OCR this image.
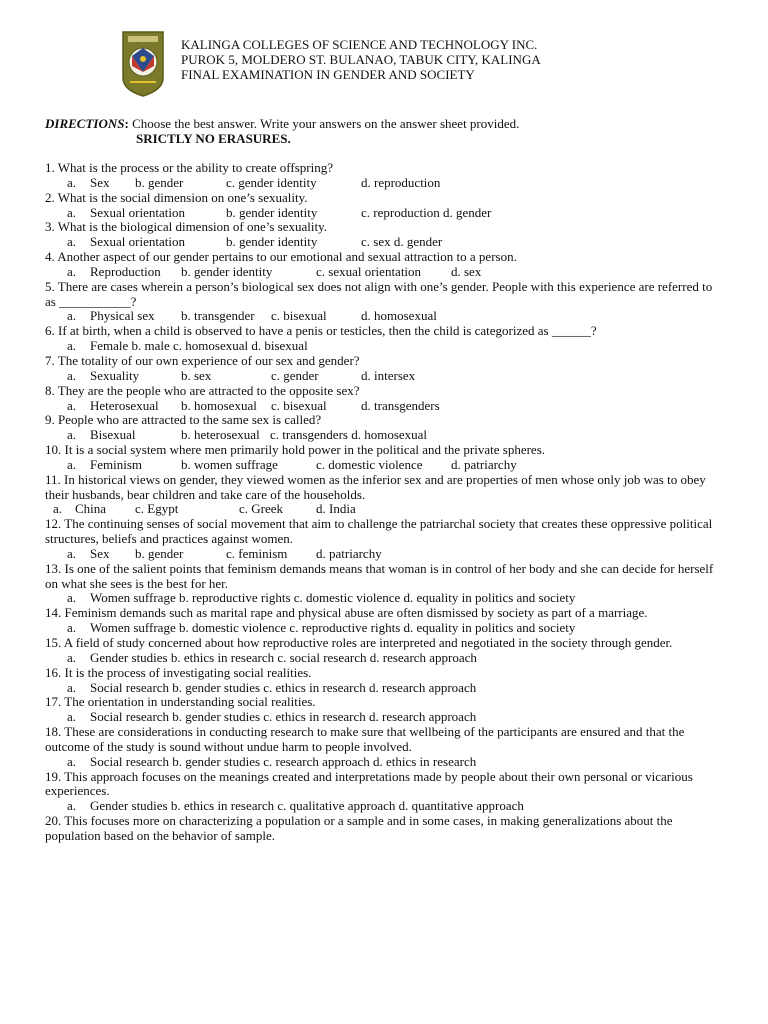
KALINGA COLLEGES OF SCIENCE AND TECHNOLOGY INC.
PUROK 5, MOLDERO ST. BULANAO, TABUK CITY, KALINGA
FINAL EXAMINATION IN GENDER AND SOCIETY
DIRECTIONS: Choose the best answer. Write your answers on the answer sheet provided.
SRICTLY NO ERASURES.
1. What is the process or the ability to create offspring?
a. Sex b. gender	c. gender identity	d. reproduction
2. What is the social dimension on one’s sexuality.
a. Sexual orientation	b. gender identity	c. reproduction d. gender
3. What is the biological dimension of one’s sexuality.
a. Sexual orientation	b. gender identity	c. sex d. gender
4. Another aspect of our gender pertains to our emotional and sexual attraction to a person.
a. Reproduction b. gender identity	c. sexual orientation d. sex
5. There are cases wherein a person’s biological sex does not align with one’s gender. People with this experience are referred to as ___________?
a. Physical sex b. transgender c. bisexual	d. homosexual
6. If at birth, when a child is observed to have a penis or testicles, then the child is categorized as ______?
a. Female b. male c. homosexual d. bisexual
7. The totality of our own experience of our sex and gender?
a. Sexuality	b. sex	c. gender	d. intersex
8. They are the people who are attracted to the opposite sex?
a. Heterosexual b. homosexual c. bisexual	d. transgenders
9. People who are attracted to the same sex is called?
a. Bisexual	b. heterosexual c. transgenders d. homosexual
10. It is a social system where men primarily hold power in the political and the private spheres.
a. Feminism	b. women suffrage	c. domestic violence d. patriarchy
11. In historical views on gender, they viewed women as the inferior sex and are properties of men whose only job was to obey their husbands, bear children and take care of the households.
a. China c. Egypt	c. Greek	d. India
12. The continuing senses of social movement that aim to challenge the patriarchal society that creates these oppressive political structures, beliefs and practices against women.
a. Sex b. gender	c. feminism d. patriarchy
13. Is one of the salient points that feminism demands means that woman is in control of her body and she can decide for herself on what she sees is the best for her.
a. Women suffrage b. reproductive rights c. domestic violence d. equality in politics and society
14. Feminism demands such as marital rape and physical abuse are often dismissed by society as part of a marriage.
a. Women suffrage b. domestic violence c. reproductive rights d. equality in politics and society
15. A field of study concerned about how reproductive roles are interpreted and negotiated in the society through gender.
a. Gender studies b. ethics in research c. social research d. research approach
16. It is the process of investigating social realities.
a. Social research b. gender studies c. ethics in research d. research approach
17. The orientation in understanding social realities.
a. Social research b. gender studies c. ethics in research d. research approach
18. These are considerations in conducting research to make sure that wellbeing of the participants are ensured and that the outcome of the study is sound without undue harm to people involved.
a. Social research b. gender studies c. research approach d. ethics in research
19. This approach focuses on the meanings created and interpretations made by people about their own personal or vicarious experiences.
a. Gender studies b. ethics in research c. qualitative approach d. quantitative approach
20. This focuses more on characterizing a population or a sample and in some cases, in making generalizations about the population based on the behavior of sample.
